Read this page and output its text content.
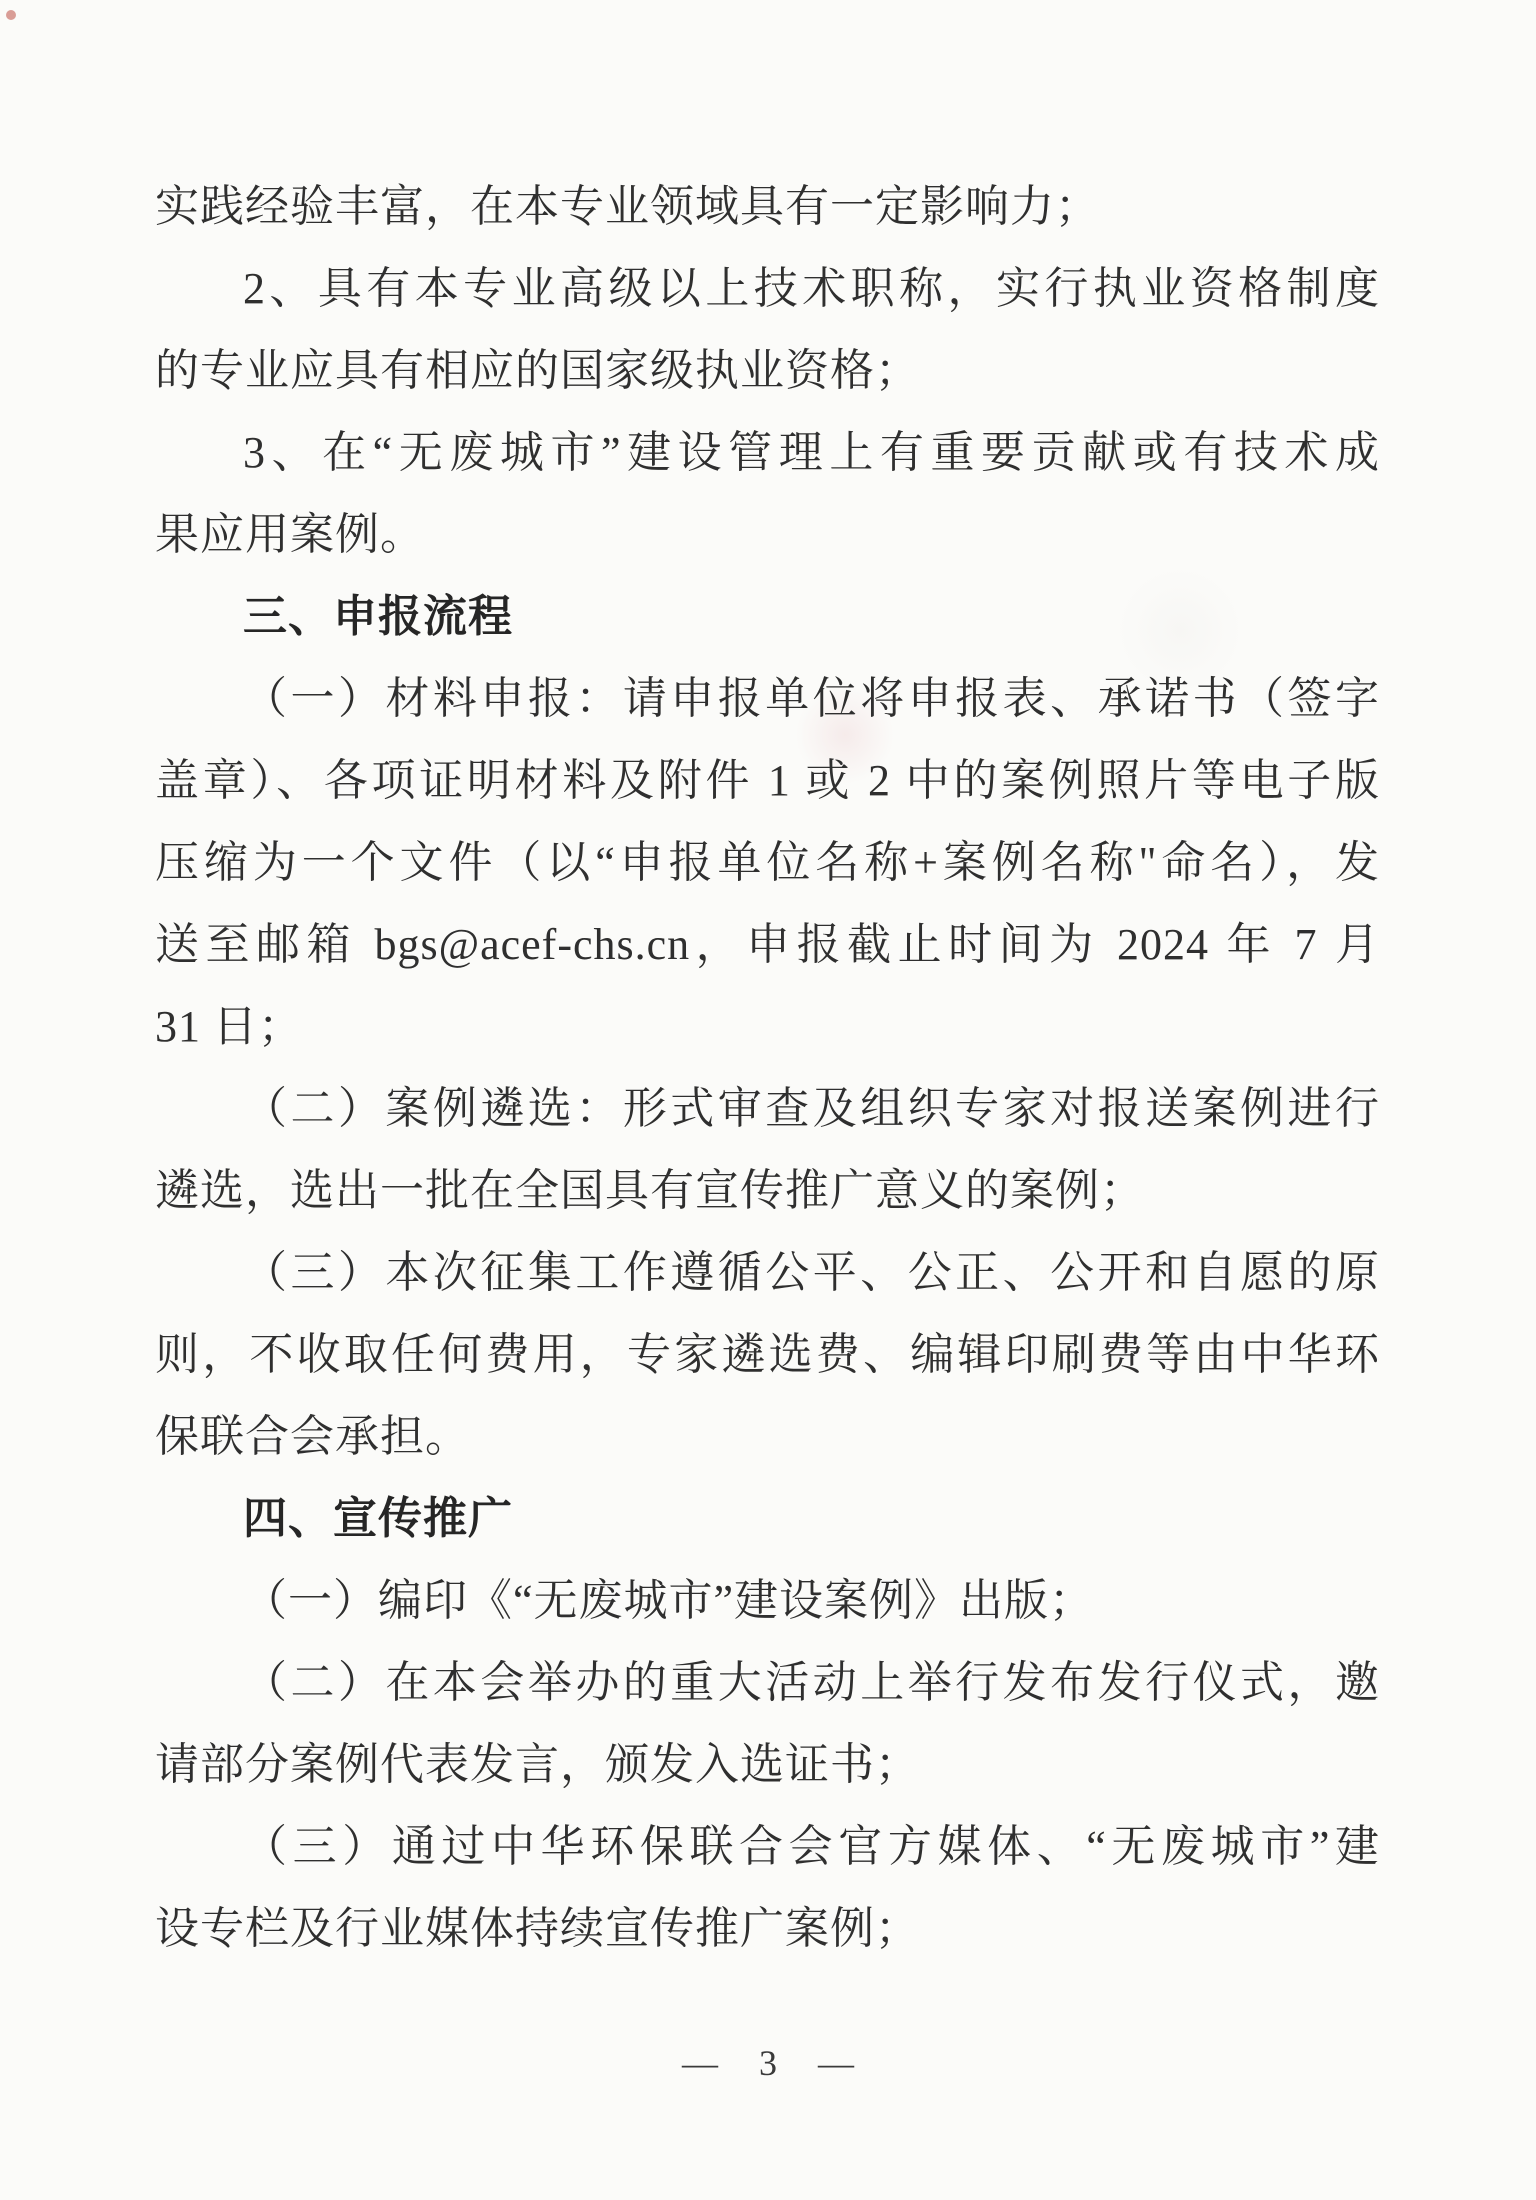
实践经验丰富，在本专业领域具有一定影响力；
2、具有本专业高级以上技术职称，实行执业资格制度
的专业应具有相应的国家级执业资格；
3、在“无废城市”建设管理上有重要贡献或有技术成
果应用案例。
三、申报流程
（一）材料申报：请申报单位将申报表、承诺书（签字
盖章）、各项证明材料及附件 1 或 2 中的案例照片等电子版
压缩为一个文件（以“申报单位名称+案例名称"命名），发
送至邮箱 bgs@acef-chs.cn，申报截止时间为 2024 年 7 月
31 日；
（二）案例遴选：形式审查及组织专家对报送案例进行
遴选，选出一批在全国具有宣传推广意义的案例；
（三）本次征集工作遵循公平、公正、公开和自愿的原
则，不收取任何费用，专家遴选费、编辑印刷费等由中华环
保联合会承担。
四、宣传推广
（一）编印《“无废城市”建设案例》出版；
（二）在本会举办的重大活动上举行发布发行仪式，邀
请部分案例代表发言，颁发入选证书；
（三）通过中华环保联合会官方媒体、“无废城市”建
设专栏及行业媒体持续宣传推广案例；
— 3 —
